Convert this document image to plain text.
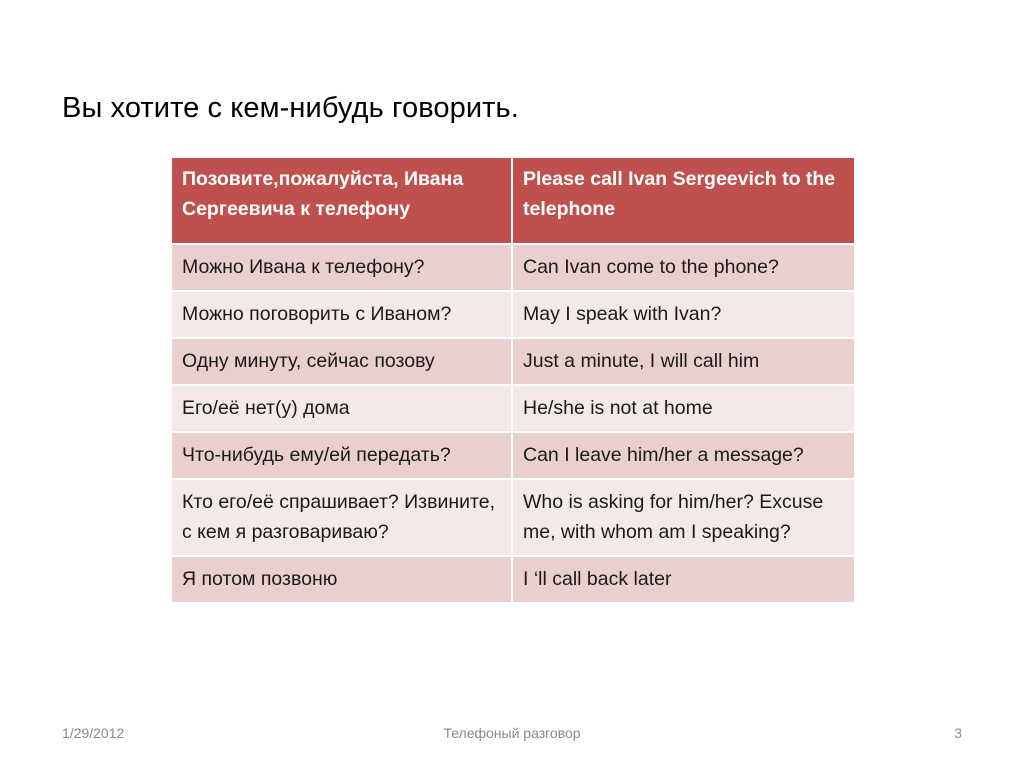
Вы хотите с кем-нибудь говорить.
Позовите,пожалуйста, Ивана Сергеевича к телефону	Please call Ivan Sergeevich to the telephone
Можно Ивана к телефону?	Can Ivan come to the phone?
Можно поговорить с Иваном?	May I speak with Ivan?
Одну минуту, сейчас позову	Just a minute, I will call him
Его/её нет(у) дома	He/she is not at home
Что-нибудь ему/ей передать?	Can I leave him/her a message?
Кто его/её спрашивает? Извините, с кем я разговариваю?	Who is asking for him/her? Excuse me, with whom am I speaking?
Я потом позвоню	I ‘ll call back later
1/29/2012	Телефоный разговор	3
